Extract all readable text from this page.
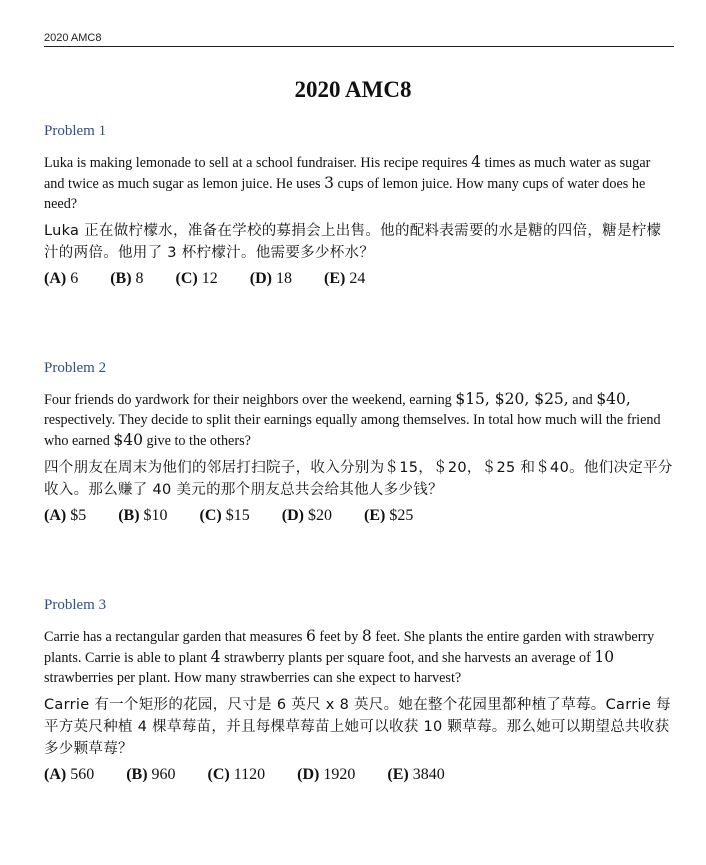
2020 AMC8
2020 AMC8
Problem 1

Luka is making lemonade to sell at a school fundraiser. His recipe requires 4 times as much water as sugar and twice as much sugar as lemon juice. He uses 3 cups of lemon juice. How many cups of water does he need?

Luka 正在做柠檬水，准备在学校的募捐会上出售。他的配料表需要的水是糖的四倍，糖是柠檬汁的两倍。他用了 3 杯柠檬汁。他需要多少杯水？

(A) 6 (B) 8 (C) 12 (D) 18 (E) 24
Problem 2

Four friends do yardwork for their neighbors over the weekend, earning $15, $20, $25, and $40, respectively. They decide to split their earnings equally among themselves. In total how much will the friend who earned $40 give to the others?

四个朋友在周末为他们的邻居打扫院子，收入分别为＄15，＄20，＄25 和＄40。他们决定平分收入。那么赚了 40 美元的那个朋友总共会给其他人多少钱？

(A) $5 (B) $10 (C) $15 (D) $20 (E) $25
Problem 3

Carrie has a rectangular garden that measures 6 feet by 8 feet. She plants the entire garden with strawberry plants. Carrie is able to plant 4 strawberry plants per square foot, and she harvests an average of 10 strawberries per plant. How many strawberries can she expect to harvest?

Carrie 有一个矩形的花园，尺寸是 6 英尺 x 8 英尺。她在整个花园里都种植了草莓。Carrie 每平方英尺种植 4 棵草莓苗，并且每棵草莓苗上她可以收获 10 颗草莓。那么她可以期望总共收获多少颗草莓？

(A) 560 (B) 960 (C) 1120 (D) 1920 (E) 3840
